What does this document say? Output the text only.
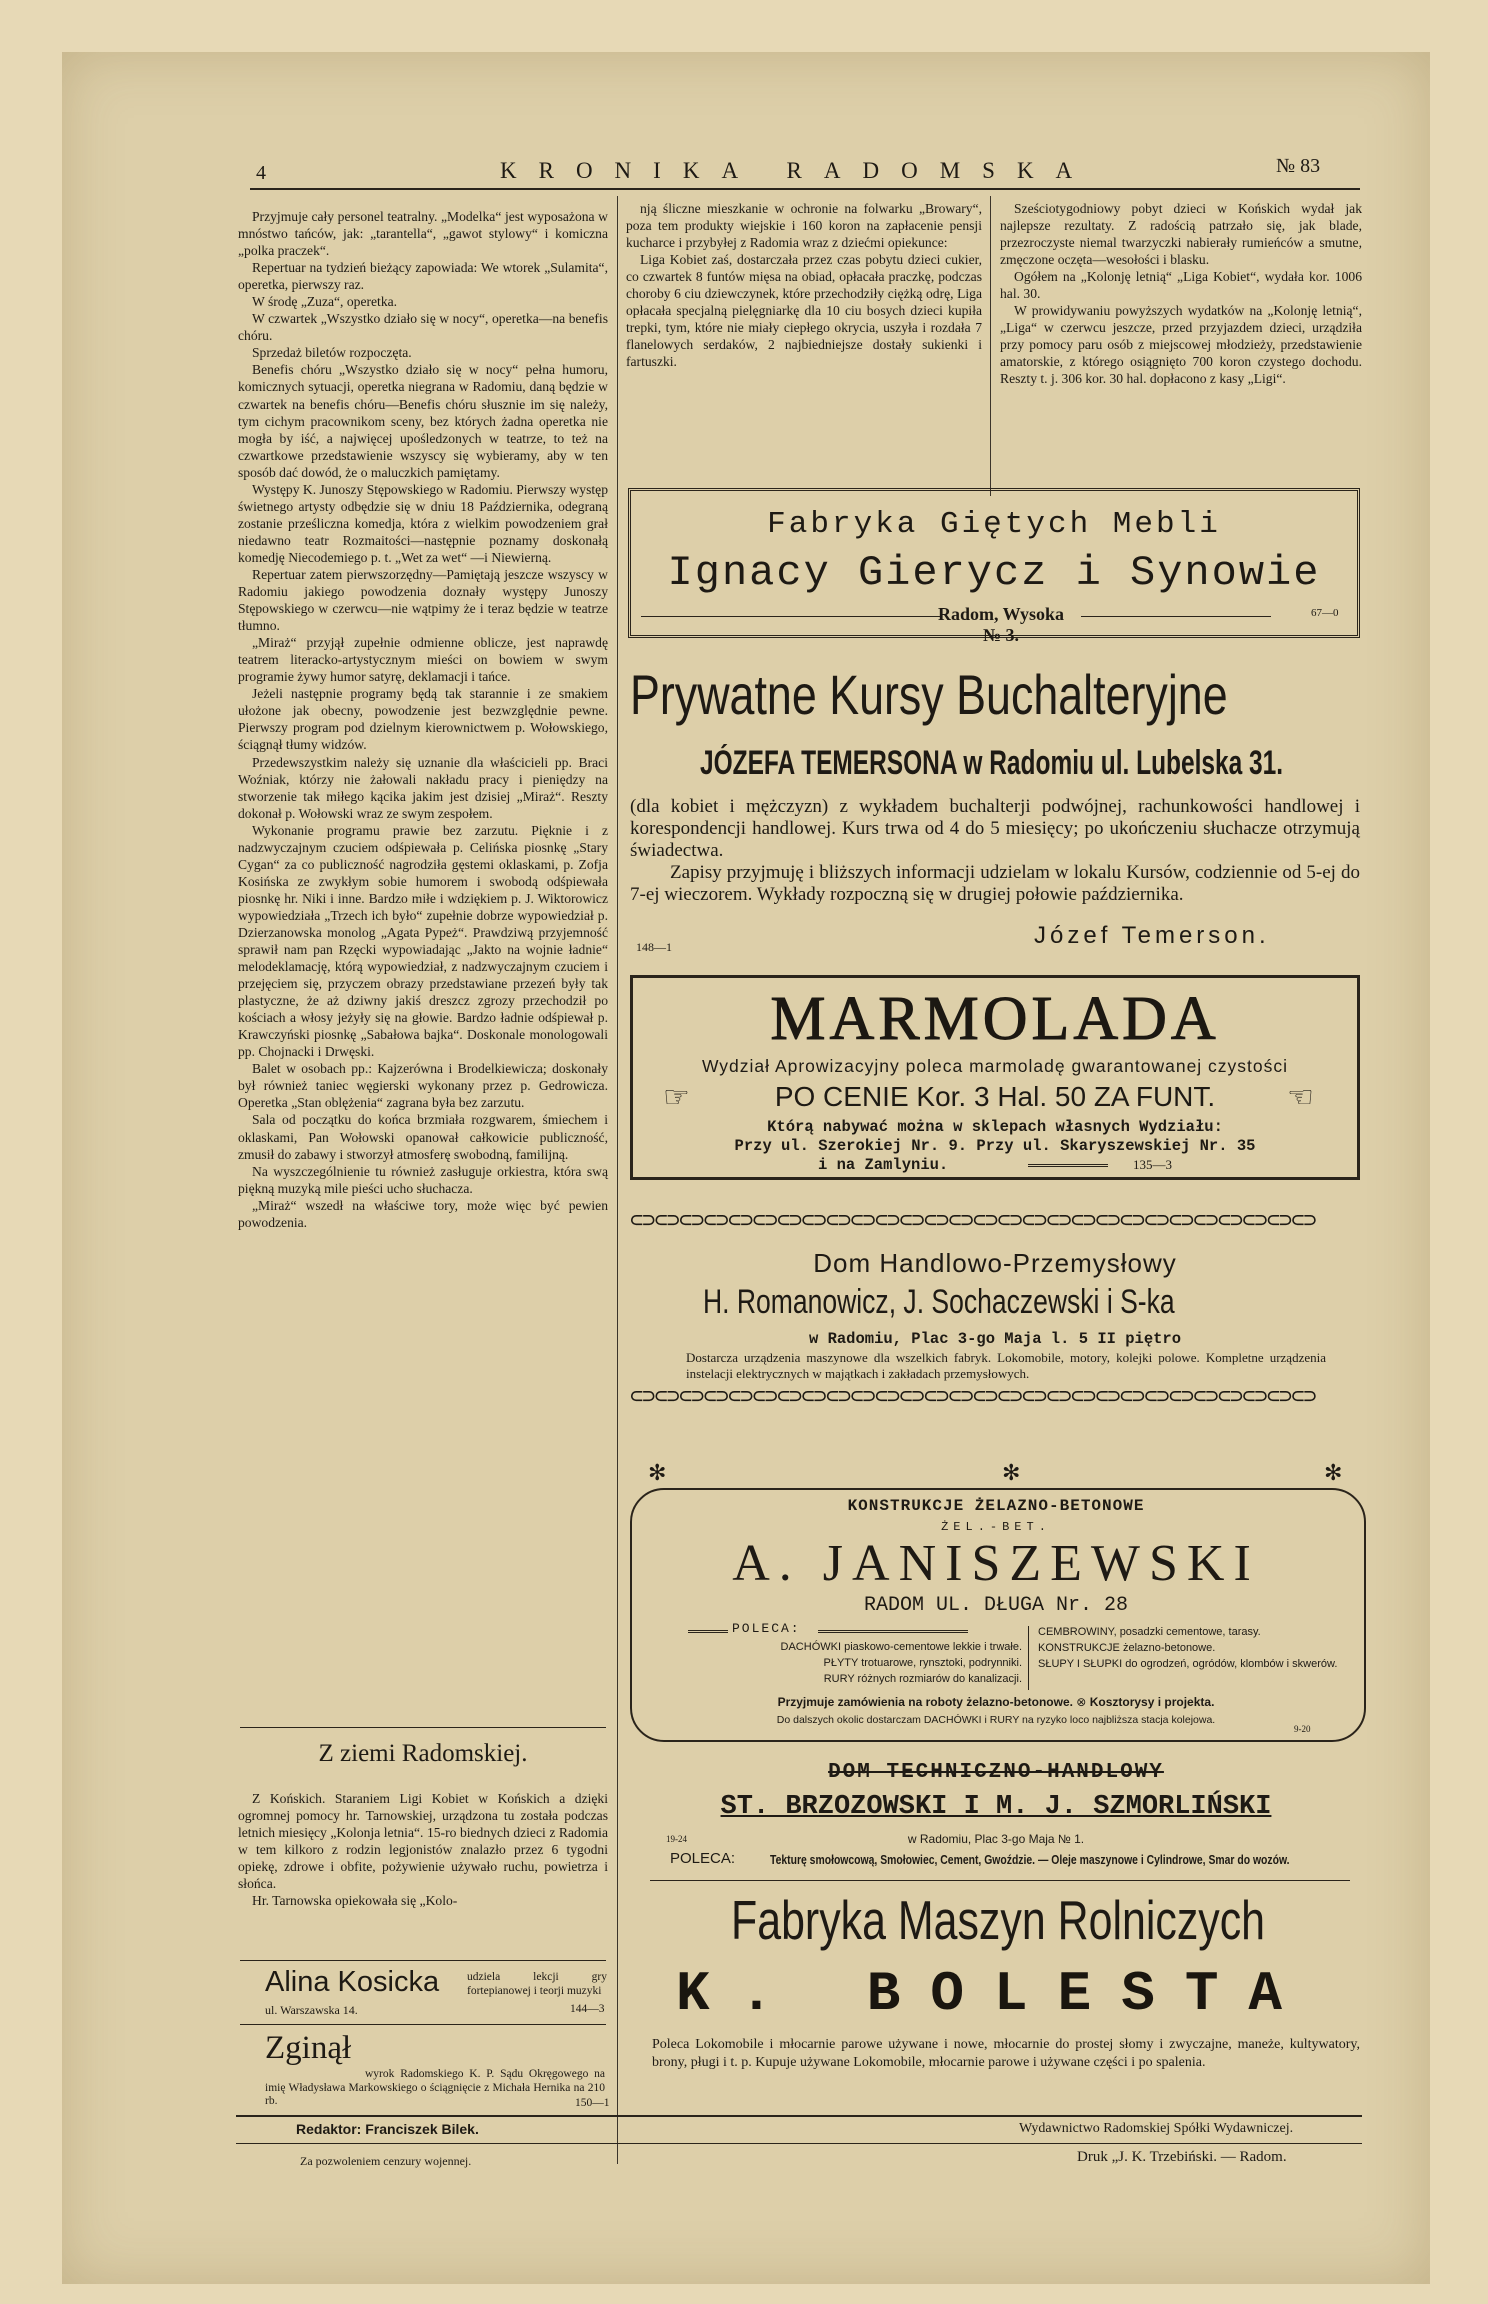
4	KRONIKA RADOMSKA	№ 83

Przyjmuje cały personel teatralny. „Modelka“ jest wyposażona w mnóstwo tańców, jak: „tarantella“, „gawot stylowy“ i komiczna „polka praczek“.

Repertuar na tydzień bieżący zapowiada: We wtorek „Sulamita“, operetka, pierwszy raz.

W środę „Zuza“, operetka.

W czwartek „Wszystko działo się w nocy“, operetka—na benefis chóru.

Sprzedaż biletów rozpoczęta.

Benefis chóru „Wszystko działo się w nocy“ pełna humoru, komicznych sytuacji, operetka niegrana w Radomiu, daną będzie w czwartek na benefis chóru—Benefis chóru słusznie im się należy, tym cichym pracownikom sceny, bez których żadna operetka nie mogła by iść, a najwięcej upośledzonych w teatrze, to też na czwartkowe przedstawienie wszyscy się wybieramy, aby w ten sposób dać dowód, że o maluczkich pamiętamy.

Występy K. Junoszy Stępowskiego w Radomiu. Pierwszy występ świetnego artysty odbędzie się w dniu 18 Października, odegraną zostanie prześliczna komedja, która z wielkim powodzeniem grał niedawno teatr Rozmaitości—następnie poznamy doskonałą komedję Niecodemiego p. t. „Wet za wet“ —i Niewierną.

Repertuar zatem pierwszorzędny—Pamiętają jeszcze wszyscy w Radomiu jakiego powodzenia doznały występy Junoszy Stępowskiego w czerwcu—nie wątpimy że i teraz będzie w teatrze tłumno.

„Miraż“ przyjął zupełnie odmienne oblicze, jest naprawdę teatrem literacko-artystycznym mieści on bowiem w swym programie żywy humor satyrę, deklamacji i tańce.

Jeżeli następnie programy będą tak starannie i ze smakiem ułożone jak obecny, powodzenie jest bezwzględnie pewne. Pierwszy program pod dzielnym kierownictwem p. Wołowskiego, ściągnął tłumy widzów.

Przedewszystkim należy się uznanie dla właścicieli pp. Braci Woźniak, którzy nie żałowali nakładu pracy i pieniędzy na stworzenie tak miłego kącika jakim jest dzisiej „Miraż“. Reszty dokonał p. Wołowski wraz ze swym zespołem.

Wykonanie programu prawie bez zarzutu. Pięknie i z nadzwyczajnym czuciem odśpiewała p. Celińska piosnkę „Stary Cygan“ za co publiczność nagrodziła gęstemi oklaskami, p. Zofja Kosińska ze zwykłym sobie humorem i swobodą odśpiewała piosnkę hr. Niki i inne. Bardzo miłe i wdziękiem p. J. Wiktorowicz wypowiedziała „Trzech ich było“ zupełnie dobrze wypowiedział p. Dzierzanowska monolog „Agata Pypeż“. Prawdziwą przyjemność sprawił nam pan Rzęcki wypowiadając „Jakto na wojnie ładnie“ melodeklamację, którą wypowiedział, z nadzwyczajnym czuciem i przejęciem się, przyczem obrazy przedstawiane przezeń były tak plastyczne, że aż dziwny jakiś dreszcz zgrozy przechodził po kościach a włosy jeżyły się na głowie. Bardzo ładnie odśpiewał p. Krawczyński piosnkę „Sabałowa bajka“. Doskonale monologowali pp. Chojnacki i Drwęski.

Balet w osobach pp.: Kajzerówna i Brodelkiewicza; doskonały był również taniec węgierski wykonany przez p. Gedrowicza. Operetka „Stan oblężenia“ zagrana była bez zarzutu.

Sala od początku do końca brzmiała rozgwarem, śmiechem i oklaskami, Pan Wołowski opanował całkowicie publiczność, zmusił do zabawy i stworzył atmosferę swobodną, familijną.

Na wyszczególnienie tu również zasługuje orkiestra, która swą piękną muzyką mile pieści ucho słuchacza.

„Miraż“ wszedł na właściwe tory, może więc być pewien powodzenia.

Z ziemi Radomskiej.

Z Końskich. Staraniem Ligi Kobiet w Końskich a dzięki ogromnej pomocy hr. Tarnowskiej, urządzona tu została podczas letnich miesięcy „Kolonja letnia“. 15-ro biednych dzieci z Radomia w tem kilkoro z rodzin legjonistów znalazło przez 6 tygodni opiekę, zdrowe i obfite, pożywienie używało ruchu, powietrza i słońca.

Hr. Tarnowska opiekowała się „Kolo-

Alina Kosicka
ul. Warszawska 14.
udziela lekcji gry fortepianowej i teorji muzyki
144—3
Zginął
wyrok Radomskiego K. P. Sądu Okręgowego na imię Władysława Markowskiego o ściągnięcie z Michała Hernika na 210 rb.	150—1

nją śliczne mieszkanie w ochronie na folwarku „Browary“, poza tem produkty wiejskie i 160 koron na zapłacenie pensji kucharce i przybyłej z Radomia wraz z dziećmi opiekunce:

Liga Kobiet zaś, dostarczała przez czas pobytu dzieci cukier, co czwartek 8 funtów mięsa na obiad, opłacała praczkę, podczas choroby 6 ciu dziewczynek, które przechodziły ciężką odrę, Liga opłacała specjalną pielęgniarkę dla 10 ciu bosych dzieci kupiła trepki, tym, które nie miały ciepłego okrycia, uszyła i rozdała 7 flanelowych serdaków, 2 najbiedniejsze dostały sukienki i fartuszki.

Sześciotygodniowy pobyt dzieci w Końskich wydał jak najlepsze rezultaty. Z radością patrzało się, jak blade, przezroczyste niemal twarzyczki nabierały rumieńców a smutne, zmęczone oczęta—wesołości i blasku.

Ogółem na „Kolonję letnią“ „Liga Kobiet“, wydała kor. 1006 hal. 30.

W prowidywaniu powyższych wydatków na „Kolonję letnią“, „Liga“ w czerwcu jeszcze, przed przyjazdem dzieci, urządziła przy pomocy paru osób z miejscowej młodzieży, przedstawienie amatorskie, z którego osiągnięto 700 koron czystego dochodu. Reszty t. j. 306 kor. 30 hal. dopłacono z kasy „Ligi“.

Fabryka Giętych Mebli
Ignacy Gierycz i Synowie
Radom, Wysoka № 3.
67—0
Prywatne Kursy Buchalteryjne
JÓZEFA TEMERSONA w Radomiu ul. Lubelska 31.
(dla kobiet i mężczyzn) z wykładem buchalterji podwójnej, rachunkowości handlowej i korespondencji handlowej. Kurs trwa od 4 do 5 miesięcy; po ukończeniu słuchacze otrzymują świadectwa.
Zapisy przyjmuję i bliższych informacji udzielam w lokalu Kursów, codziennie od 5-ej do 7-ej wieczorem. Wykłady rozpoczną się w drugiej połowie października.
148—1	Józef Temerson.
MARMOLADA
Wydział Aprowizacyjny poleca marmoladę gwarantowanej czystości
☞	PO CENIE Kor. 3 Hal. 50 ZA FUNT.	☜
Którą nabywać można w sklepach własnych Wydziału:
Przy ul. Szerokiej Nr. 9. Przy ul. Skaryszewskiej Nr. 35
i na Zamlyniu.	135—3
⊂⊃⊂⊃⊂⊃⊂⊃⊂⊃⊂⊃⊂⊃⊂⊃⊂⊃⊂⊃⊂⊃⊂⊃⊂⊃⊂⊃⊂⊃⊂⊃⊂⊃⊂⊃⊂⊃⊂⊃⊂⊃⊂⊃⊂⊃⊂⊃⊂⊃⊂⊃⊂⊃⊂⊃
Dom Handlowo-Przemysłowy
H. Romanowicz, J. Sochaczewski i S-ka
w Radomiu, Plac 3-go Maja l. 5 II piętro
Dostarcza urządzenia maszynowe dla wszelkich fabryk. Lokomobile, motory, kolejki polowe. Kompletne urządzenia instelacji elektrycznych w majątkach i zakładach przemysłowych.
⊂⊃⊂⊃⊂⊃⊂⊃⊂⊃⊂⊃⊂⊃⊂⊃⊂⊃⊂⊃⊂⊃⊂⊃⊂⊃⊂⊃⊂⊃⊂⊃⊂⊃⊂⊃⊂⊃⊂⊃⊂⊃⊂⊃⊂⊃⊂⊃⊂⊃⊂⊃⊂⊃⊂⊃
✻	✻	✻
KONSTRUKCJE ŻELAZNO-BETONOWE
ŻEL.-BET.
A. JANISZEWSKI
RADOM UL. DŁUGA Nr. 28
POLECA:
DACHÓWKI piaskowo-cementowe lekkie i trwałe.
PŁYTY trotuarowe, rynsztoki, podrynniki.
RURY różnych rozmiarów do kanalizacji.
CEMBROWINY, posadzki cementowe, tarasy.
KONSTRUKCJE żelazno-betonowe.
SŁUPY I SŁUPKI do ogrodzeń, ogródów, klombów i skwerów.
Przyjmuje zamówienia na roboty żelazno-betonowe. ⊗ Kosztorysy i projekta.
Do dalszych okolic dostarczam DACHÓWKI i RURY na ryzyko loco najbliższa stacja kolejowa.
9-20
DOM TECHNICZNO-HANDLOWY
ST. BRZOZOWSKI I M. J. SZMORLIŃSKI
19-24	w Radomiu, Plac 3-go Maja № 1.
POLECA:	Tekturę smołowcową, Smołowiec, Cement, Gwoździe. — Oleje maszynowe i Cylindrowe, Smar do wozów.
Fabryka Maszyn Rolniczych
K. BOLESTA
Poleca Lokomobile i młocarnie parowe używane i nowe, młocarnie do prostej słomy i zwyczajne, maneże, kultywatory, brony, pługi i t. p. Kupuje używane Lokomobile, młocarnie parowe i używane części i po spalenia.
Redaktor: Franciszek Bilek.	Wydawnictwo Radomskiej Spółki Wydawniczej.
Za pozwoleniem cenzury wojennej.	Druk „J. K. Trzebiński. — Radom.
